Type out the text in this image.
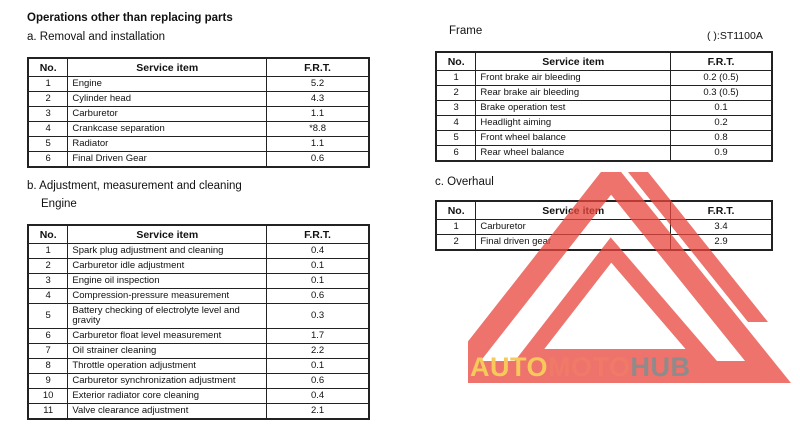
Operations other than replacing parts
a. Removal and installation
No.	Service item	F.R.T.
1	Engine	5.2
2	Cylinder head	4.3
3	Carburetor	1.1
4	Crankcase separation	*8.8
5	Radiator	1.1
6	Final Driven Gear	0.6
b. Adjustment, measurement and cleaning
Engine
No.	Service item	F.R.T.
1	Spark plug adjustment and cleaning	0.4
2	Carburetor idle adjustment	0.1
3	Engine oil inspection	0.1
4	Compression-pressure measurement	0.6
5	Battery checking of electrolyte level and gravity	0.3
6	Carburetor float level measurement	1.7
7	Oil strainer cleaning	2.2
8	Throttle operation adjustment	0.1
9	Carburetor synchronization adjustment	0.6
10	Exterior radiator core cleaning	0.4
11	Valve clearance adjustment	2.1
Frame	( ):ST1100A
No.	Service item	F.R.T.
1	Front brake air bleeding	0.2 (0.5)
2	Rear brake air bleeding	0.3 (0.5)
3	Brake operation test	0.1
4	Headlight aiming	0.2
5	Front wheel balance	0.8
6	Rear wheel balance	0.9
c. Overhaul
No.	Service item	F.R.T.
1	Carburetor	3.4
2	Final driven gear	2.9
AUTOMOTOHUB
